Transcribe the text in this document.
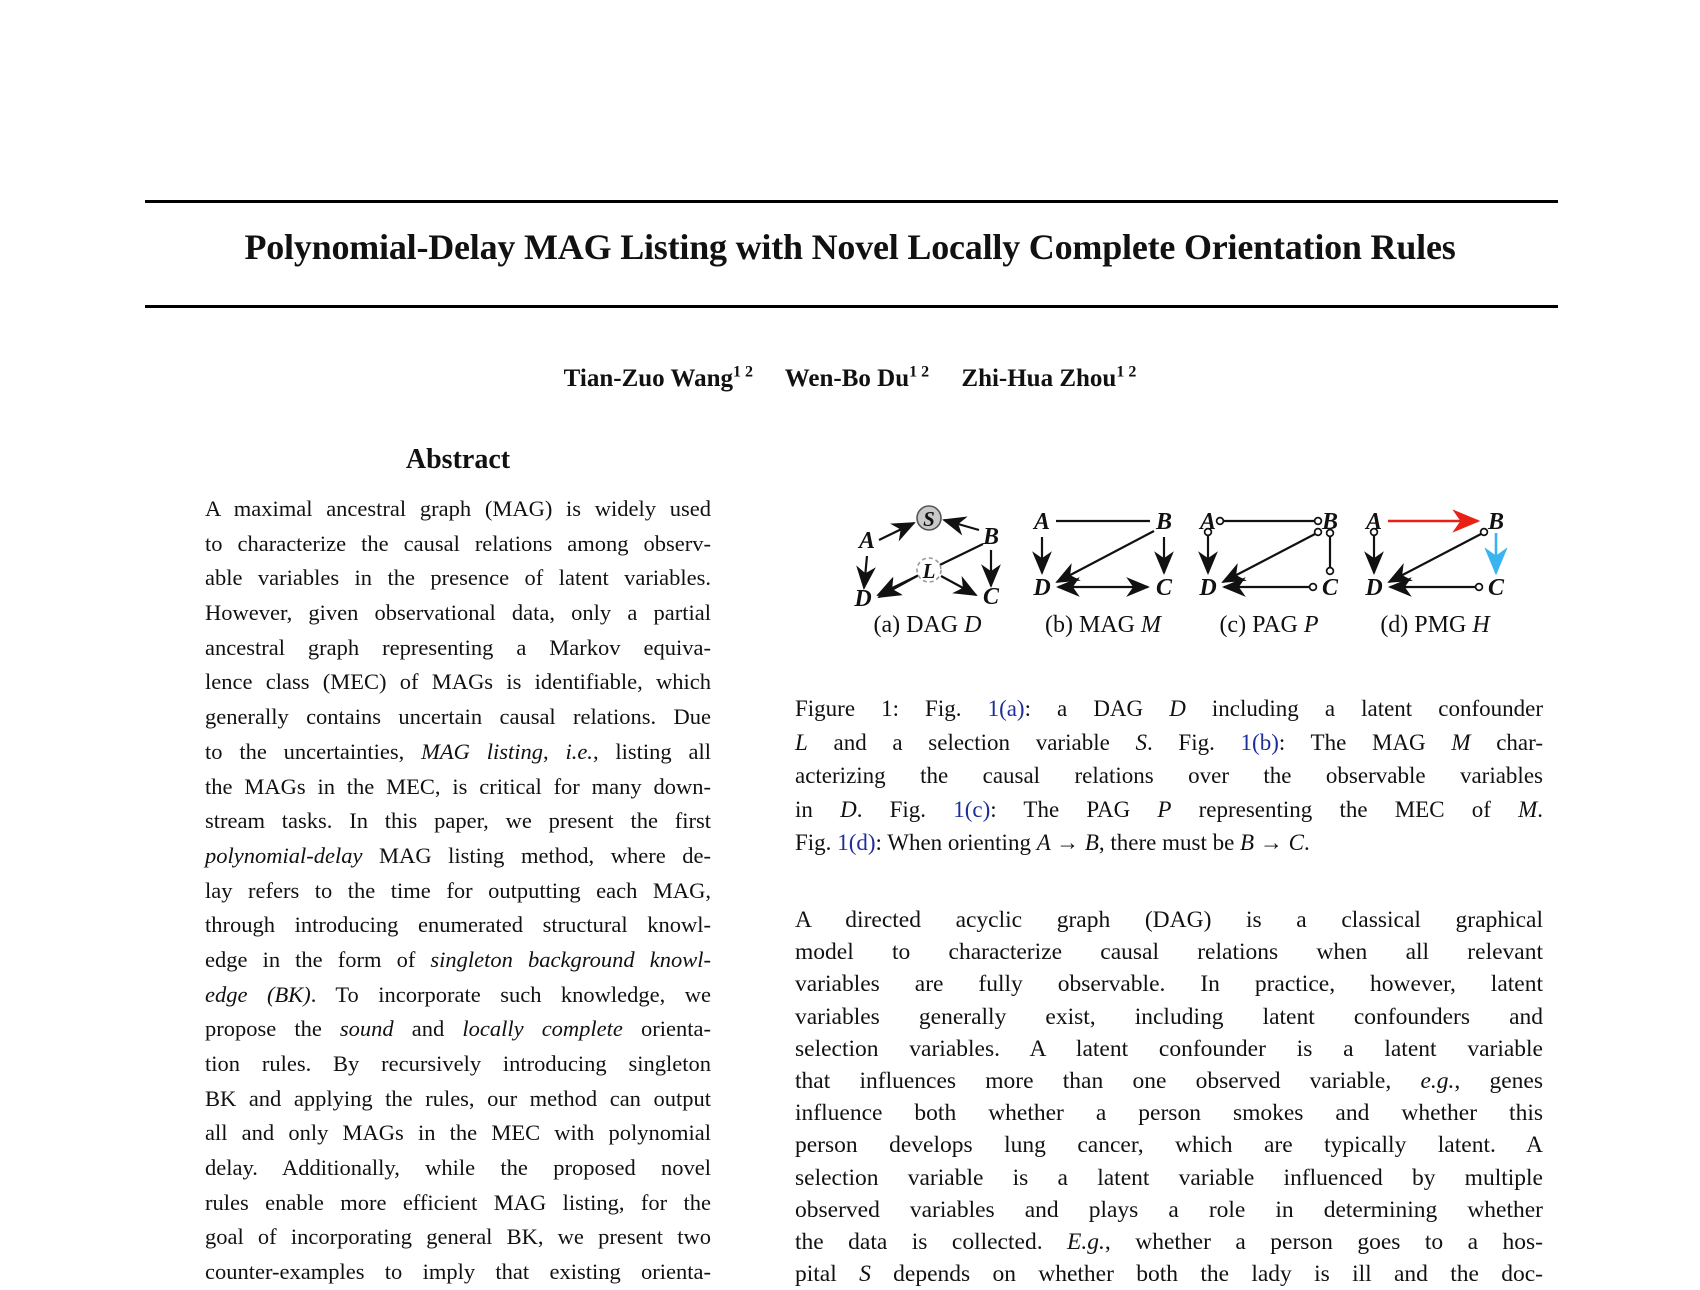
Polynomial-Delay MAG Listing with Novel Locally Complete Orientation Rules
Tian-Zuo Wang$^{1 2}$ Wen-Bo $Du^{1 2}$ Zhi-Hua Zhou$^{1 2}$
Abstract
A maximal ancestral graph (MAG) is widely used
to characterize the causal relations among observ-
able variables in the presence of latent variables.
However, given observational data, only a partial
ancestral graph representing a Markov equiva-
lence class (MEC) of MAGs is identifiable, which
generally contains uncertain causal relations. Due
to the uncertainties, MAG listing, i.e., listing all
the MAGs in the MEC, is critical for many down-
stream tasks. In this paper, we present the first
polynomial-delay MAG listing method, where de-
lay refers to the time for outputting each MAG,
through introducing enumerated structural knowl-
edge in the form of singleton background knowl-
edge (BK). To incorporate such knowledge, we
propose the sound and locally complete orienta-
tion rules. By recursively introducing singleton
BK and applying the rules, our method can output
all and only MAGs in the MEC with polynomial
delay. Additionally, while the proposed novel
rules enable more efficient MAG listing, for the
goal of incorporating general BK, we present two
counter-examples to imply that existing orienta-
A
S
B
L
D	C
A	B
D	C
A	B
D	C
A	B
D	C
(a) DAG D	(b) MAG M	(c) PAG P	(d) PMG H
Figure 1: Fig. 1(a): a DAG D including a latent confounder
L and a selection variable S. Fig. 1(b): The MAG M char-
acterizing the causal relations over the observable variables
in D. Fig. 1(c): The PAG P representing the MEC of M.
Fig. 1(d): When orienting A → B, there must be B → C.
A directed acyclic graph (DAG) is a classical graphical
model to characterize causal relations when all relevant
variables are fully observable. In practice, however, latent
variables generally exist, including latent confounders and
selection variables. A latent confounder is a latent variable
that influences more than one observed variable, e.g., genes
influence both whether a person smokes and whether this
person develops lung cancer, which are typically latent. A
selection variable is a latent variable influenced by multiple
observed variables and plays a role in determining whether
the data is collected. E.g., whether a person goes to a hos-
pital S depends on whether both the lady is ill and the doc-
